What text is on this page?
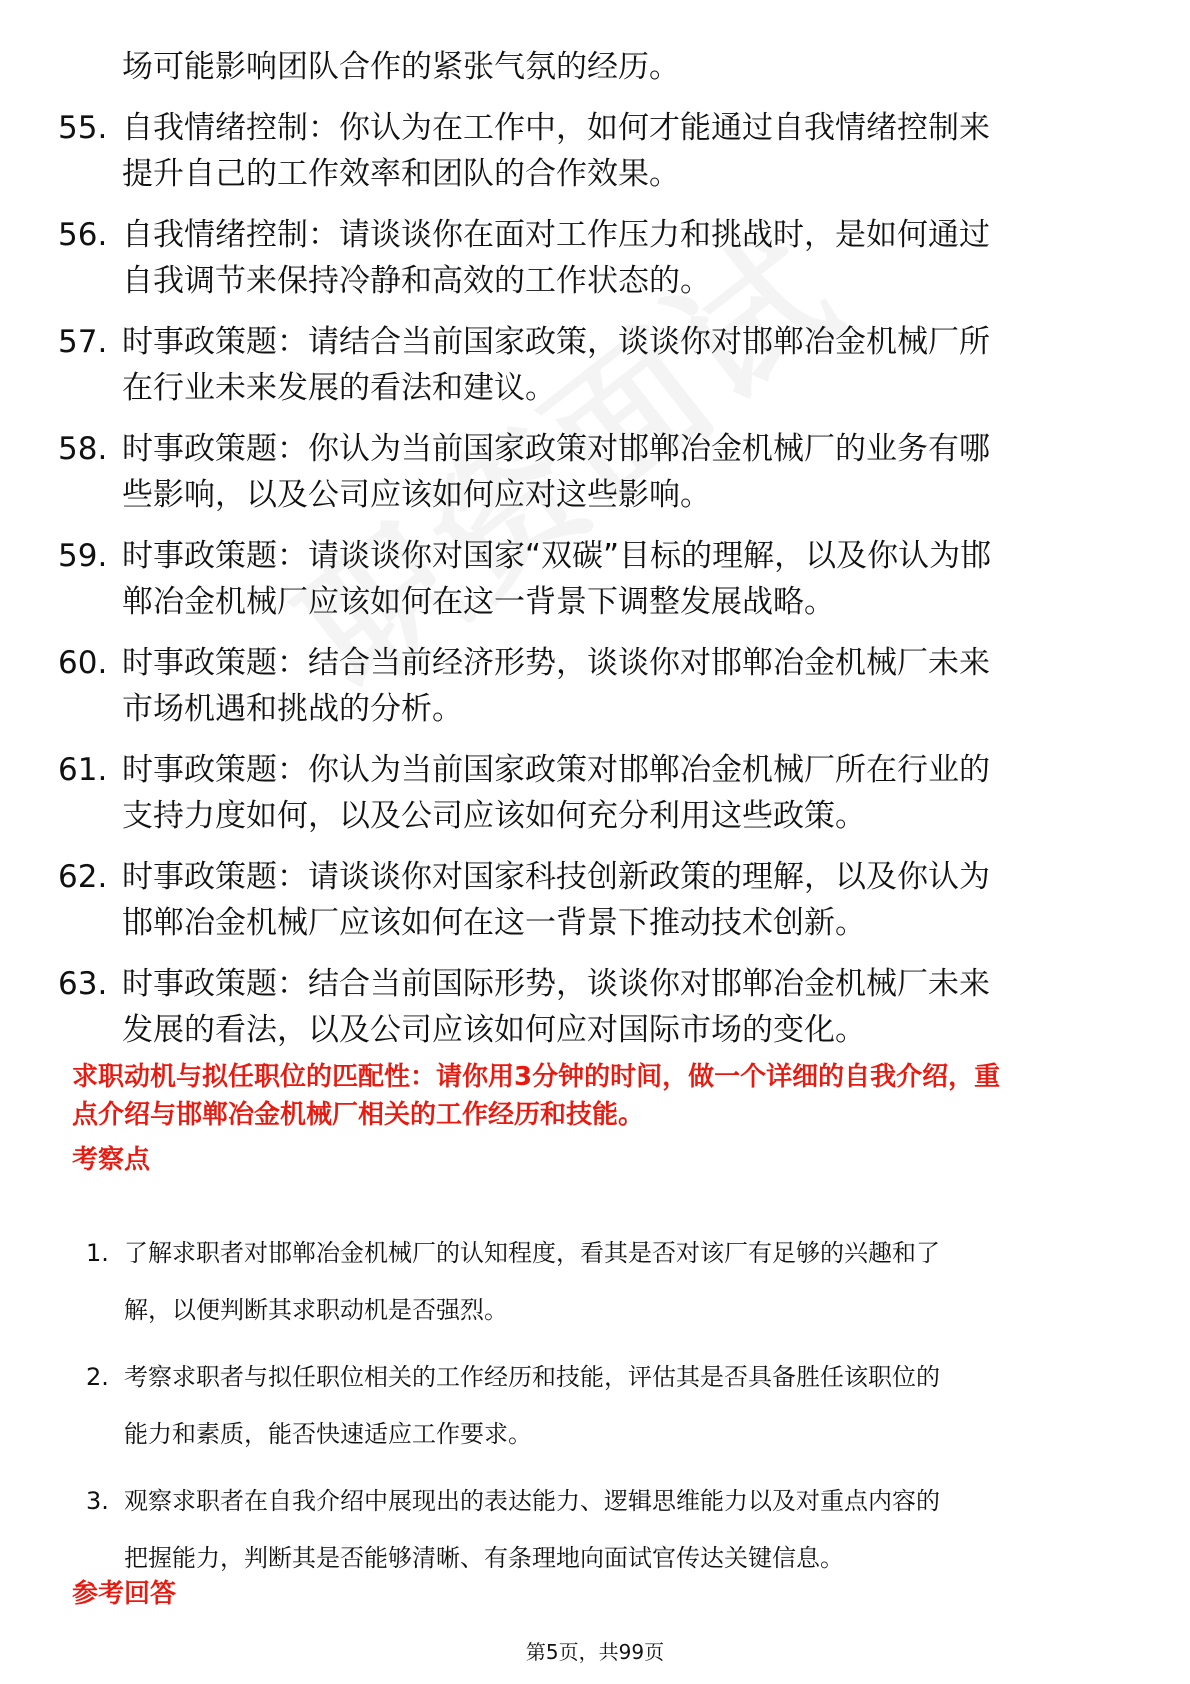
场可能影响团队合作的紧张气氛的经历。
55. 自我情绪控制：你认为在工作中，如何才能通过自我情绪控制来
提升自己的工作效率和团队的合作效果。
56. 自我情绪控制：请谈谈你在面对工作压力和挑战时，是如何通过
自我调节来保持冷静和高效的工作状态的。
57. 时事政策题：请结合当前国家政策，谈谈你对邯郸冶金机械厂所
在行业未来发展的看法和建议。
58. 时事政策题：你认为当前国家政策对邯郸冶金机械厂的业务有哪
些影响，以及公司应该如何应对这些影响。
59. 时事政策题：请谈谈你对国家“双碳”目标的理解，以及你认为邯
郸冶金机械厂应该如何在这一背景下调整发展战略。
60. 时事政策题：结合当前经济形势，谈谈你对邯郸冶金机械厂未来
市场机遇和挑战的分析。
61. 时事政策题：你认为当前国家政策对邯郸冶金机械厂所在行业的
支持力度如何，以及公司应该如何充分利用这些政策。
62. 时事政策题：请谈谈你对国家科技创新政策的理解，以及你认为
邯郸冶金机械厂应该如何在这一背景下推动技术创新。
63. 时事政策题：结合当前国际形势，谈谈你对邯郸冶金机械厂未来
发展的看法，以及公司应该如何应对国际市场的变化。
求职动机与拟任职位的匹配性：请你用3分钟的时间，做一个详细的自我介绍，重
点介绍与邯郸冶金机械厂相关的工作经历和技能。
考察点
1. 了解求职者对邯郸冶金机械厂的认知程度，看其是否对该厂有足够的兴趣和了
解，以便判断其求职动机是否强烈。
2. 考察求职者与拟任职位相关的工作经历和技能，评估其是否具备胜任该职位的
能力和素质，能否快速适应工作要求。
3. 观察求职者在自我介绍中展现出的表达能力、逻辑思维能力以及对重点内容的
把握能力，判断其是否能够清晰、有条理地向面试官传达关键信息。
参考回答
第5页，共99页
